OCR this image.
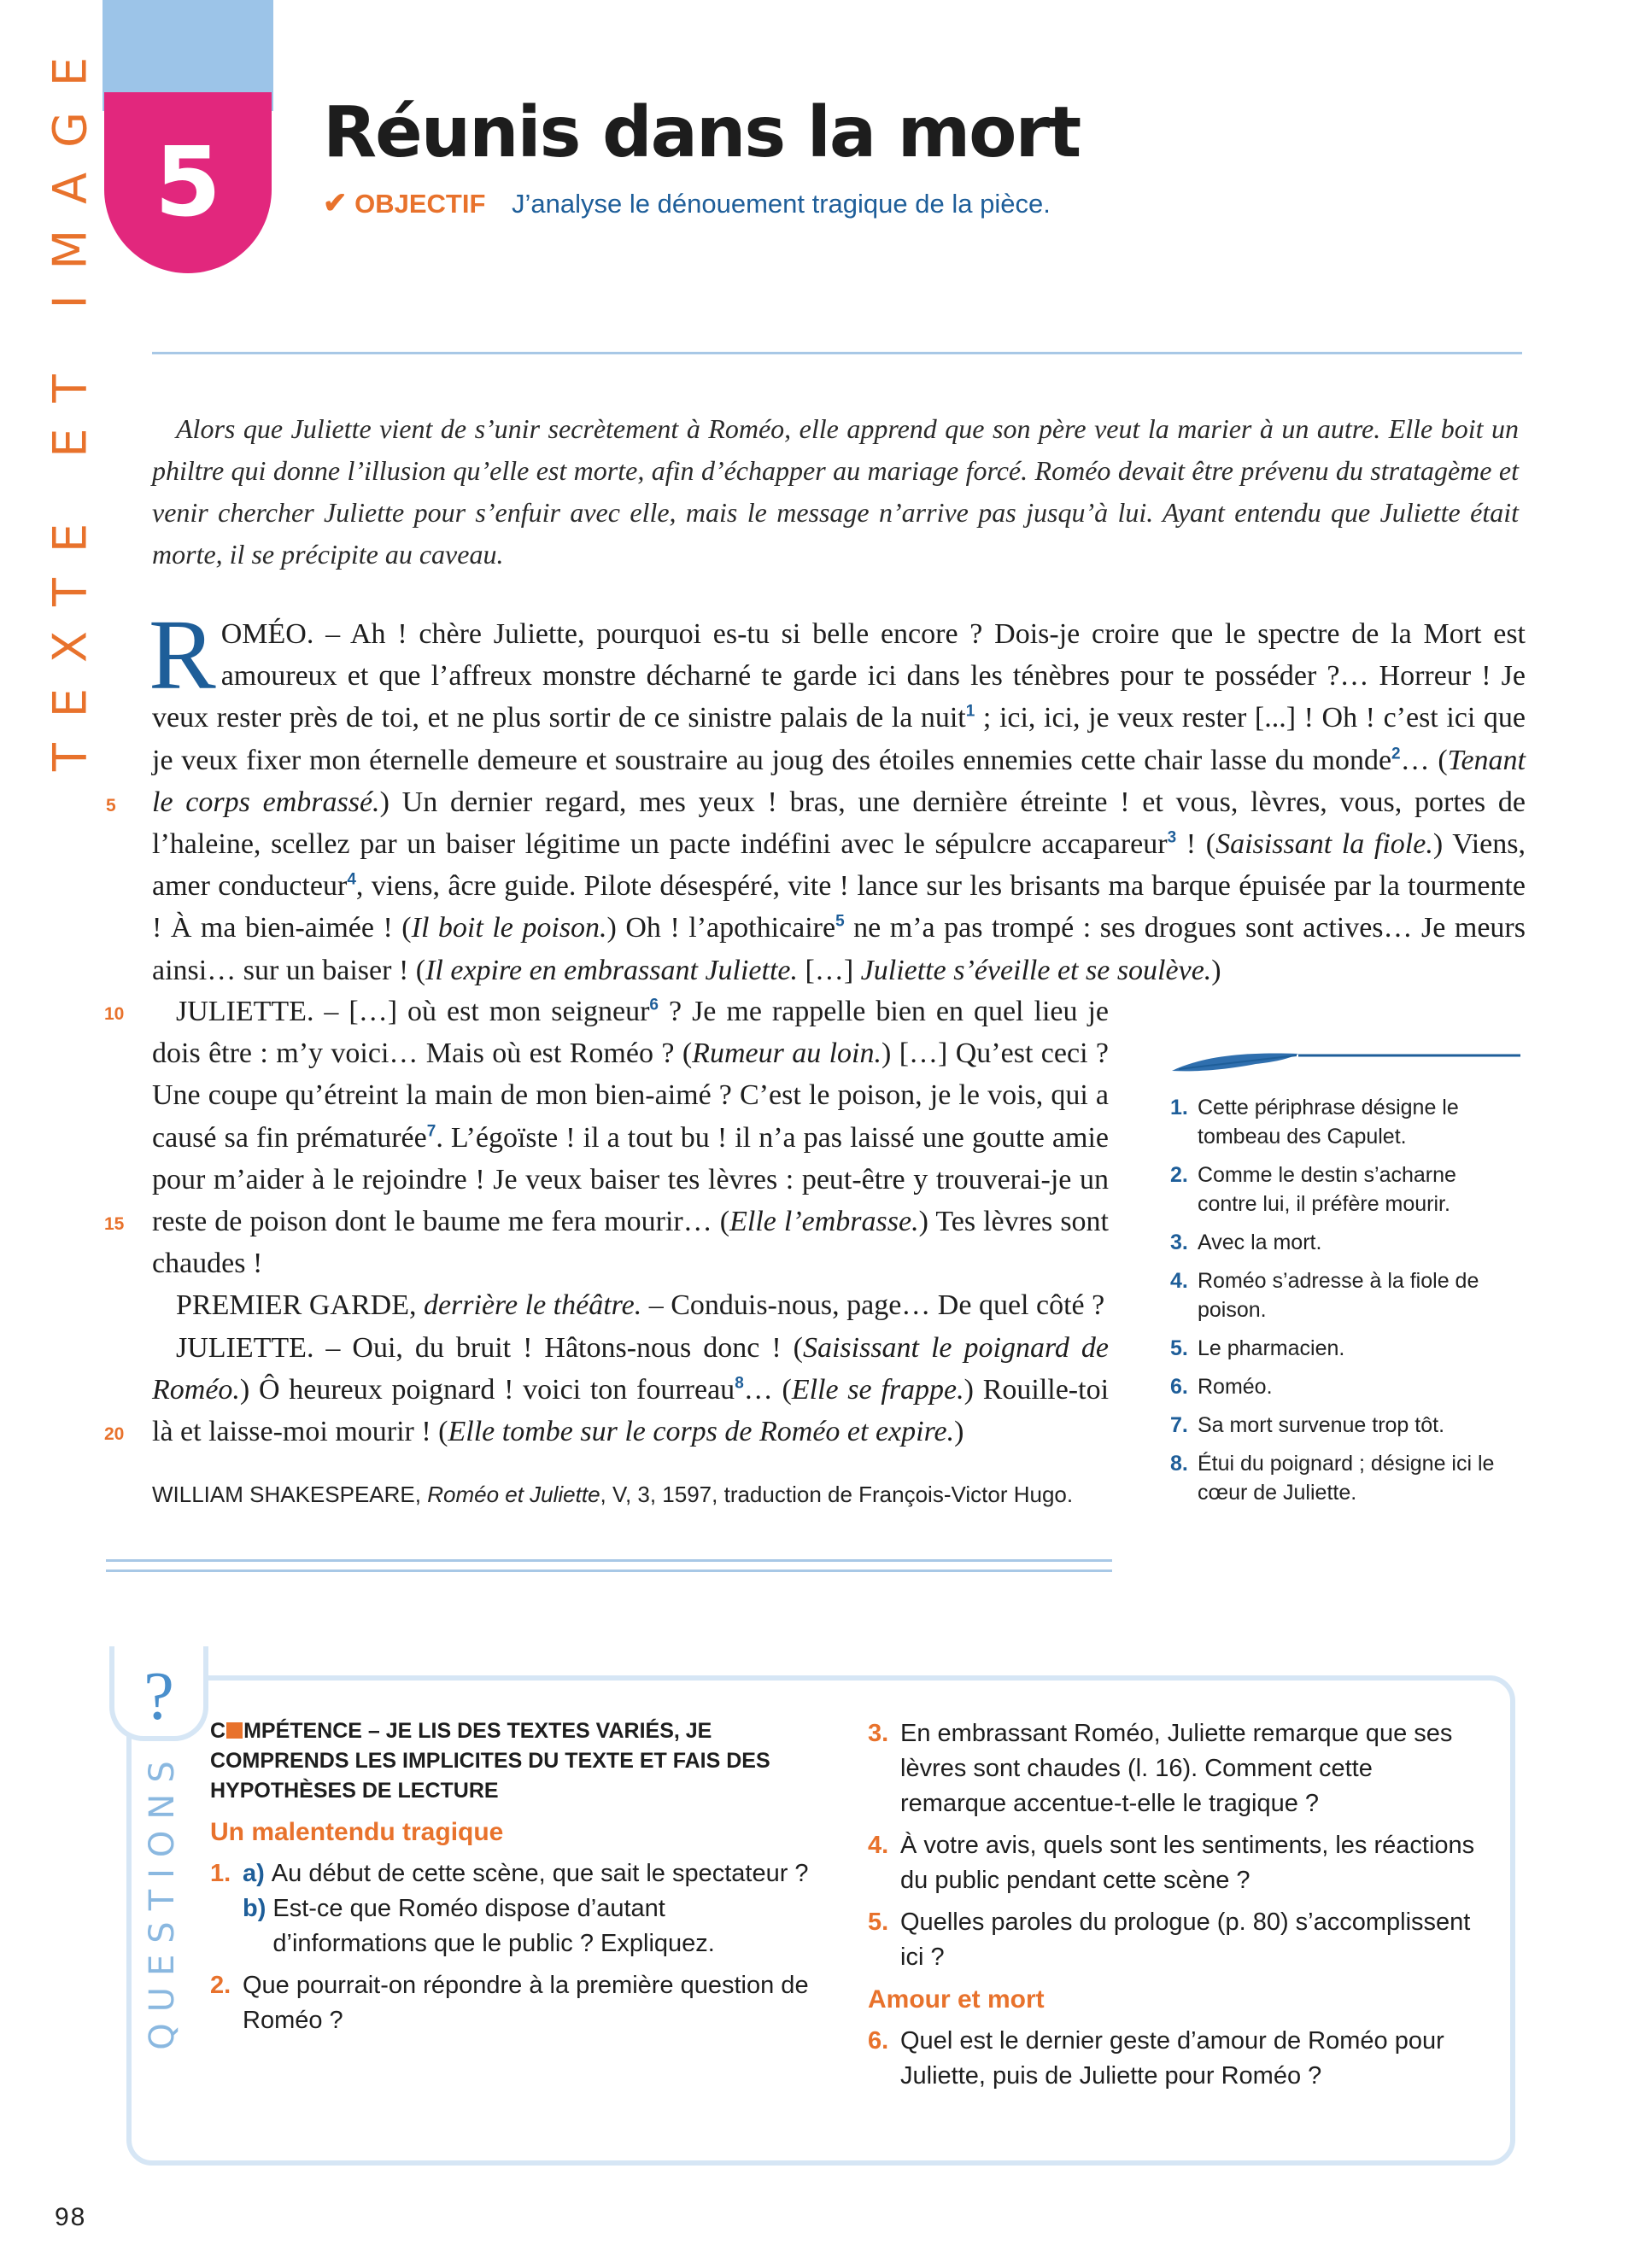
TEXTE ET IMAGE 5	Réunis dans la mort
✔ OBJECTIF J’analyse le dénouement tragique de la pièce.

Alors que Juliette vient de s’unir secrètement à Roméo, elle apprend que son père veut la marier à un autre. Elle boit un philtre qui donne l’illusion qu’elle est morte, afin d’échapper au mariage forcé. Roméo devait être prévenu du stratagème et venir chercher Juliette pour s’enfuir avec elle, mais le message n’arrive pas jusqu’à lui. Ayant entendu que Juliette était morte, il se précipite au caveau.

ROMÉO. – Ah ! chère Juliette, pourquoi es-tu si belle encore ? Dois-je croire que le spectre de la Mort est amoureux et que l’affreux monstre décharné te garde ici dans les ténèbres pour te posséder ?… Horreur ! Je veux rester près de toi, et ne plus sortir de ce sinistre palais de la nuit$^1$ ; ici, ici, je veux rester [...] ! Oh ! c’est ici que je veux fixer mon éternelle demeure et soustraire au joug des étoiles ennemies cette chair lasse du monde$^2$… (Tenant le corps embrassé.) Un dernier regard, mes yeux ! bras, une dernière étreinte ! et vous, lèvres, vous, portes de l’haleine, scellez par un baiser légitime un pacte indéfini avec le sépulcre accapareur$^3$ ! (Saisissant la fiole.) Viens, amer conducteur$^4$, viens, âcre guide. Pilote désespéré, vite ! lance sur les brisants ma barque épuisée par la tourmente ! À ma bien-aimée ! (Il boit le poison.) Oh ! l’apothicaire$^5$ ne m’a pas trompé : ses drogues sont actives… Je meurs ainsi… sur un baiser ! (Il expire en embrassant Juliette. […] Juliette s’éveille et se soulève.)

JULIETTE. – […] où est mon seigneur$^6$ ? Je me rappelle bien en quel lieu je dois être : m’y voici… Mais où est Roméo ? (Rumeur au loin.) […] Qu’est ceci ? Une coupe qu’étreint la main de mon bien-aimé ? C’est le poison, je le vois, qui a causé sa fin prématurée$^7$. L’égoïste ! il a tout bu ! il n’a pas laissé une goutte amie pour m’aider à le rejoindre ! Je veux baiser tes lèvres : peut-être y trouverai-je un reste de poison dont le baume me fera mourir… (Elle l’embrasse.) Tes lèvres sont chaudes !

PREMIER GARDE, derrière le théâtre. – Conduis-nous, page… De quel côté ?

JULIETTE. – Oui, du bruit ! Hâtons-nous donc ! (Saisissant le poignard de Roméo.) Ô heureux poignard ! voici ton fourreau$^8$… (Elle se frappe.) Rouille-toi là et laisse-moi mourir ! (Elle tombe sur le corps de Roméo et expire.)

5
10
15
20
WILLIAM SHAKESPEARE, Roméo et Juliette, V, 3, 1597, traduction de François-Victor Hugo.
1. Cette périphrase désigne le tombeau des Capulet.
2. Comme le destin s’acharne contre lui, il préfère mourir.
3. Avec la mort.
4. Roméo s’adresse à la fiole de poison.
5. Le pharmacien.
6. Roméo.
7. Sa mort survenue trop tôt.
8. Étui du poignard ; désigne ici le cœur de Juliette.
?
QUESTIONS
C MPÉTENCE – JE LIS DES TEXTES VARIÉS, JE COMPRENDS LES IMPLICITES DU TEXTE ET FAIS DES HYPOTHÈSES DE LECTURE
Un malentendu tragique
1. a) Au début de cette scène, que sait le spectateur ?
b) Est-ce que Roméo dispose d’autant d’informations que le public ? Expliquez.
2. Que pourrait-on répondre à la première question de Roméo ?
3. En embrassant Roméo, Juliette remarque que ses lèvres sont chaudes (l. 16). Comment cette remarque accentue-t-elle le tragique ?
4. À votre avis, quels sont les sentiments, les réactions du public pendant cette scène ?
5. Quelles paroles du prologue (p. 80) s’accomplissent ici ?
Amour et mort
6. Quel est le dernier geste d’amour de Roméo pour Juliette, puis de Juliette pour Roméo ?
98
